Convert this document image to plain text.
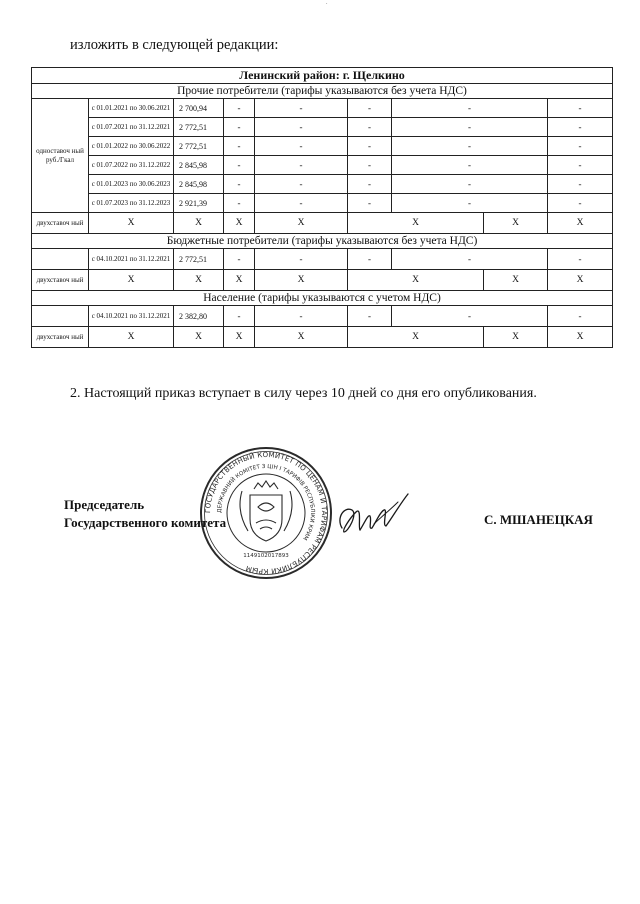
.
изложить в следующей редакции:
Ленинский район: г. Щелкино									
Прочие потребители (тарифы указываются без учета НДС)									
одноставоч ный руб./Гкал	с 01.01.2021 по 30.06.2021	2 700,94	-	-	-	-		-	
	с 01.07.2021 по 31.12.2021	2 772,51	-	-	-	-		-	
	с 01.01.2022 по 30.06.2022	2 772,51	-	-	-	-		-	
	с 01.07.2022 по 31.12.2022	2 845,98	-	-	-	-		-	
	с 01.01.2023 по 30.06.2023	2 845,98	-	-	-	-		-	
	с 01.07.2023 по 31.12.2023	2 921,39	-	-	-	-		-	
двухставоч ный	Х	Х	Х	Х	Х		Х	Х	
Бюджетные потребители (тарифы указываются без учета НДС)									
	с 04.10.2021 по 31.12.2021	2 772,51	-	-	-	-		-	
двухставоч ный	Х	Х	Х	Х	Х		Х	Х	
Население (тарифы указываются с учетом НДС)									
	с 04.10.2021 по 31.12.2021	2 382,80	-	-	-	-		-	
двухставоч ный	Х	Х	Х	Х	Х		Х	Х	
2. Настоящий приказ вступает в силу через 10 дней со дня его опубликования.
ГОСУДАРСТВЕННЫЙ КОМИТЕТ ПО ЦЕНАМ И ТАРИФАМ РЕСПУБЛИКИ КРЫМ
ДЕРЖАВНИЙ КОМІТЕТ З ЦІН І ТАРИФІВ РЕСПУБЛІКИ КРИМ
1149102017893
Председатель
Государственного комитета	С. МШАНЕЦКАЯ
